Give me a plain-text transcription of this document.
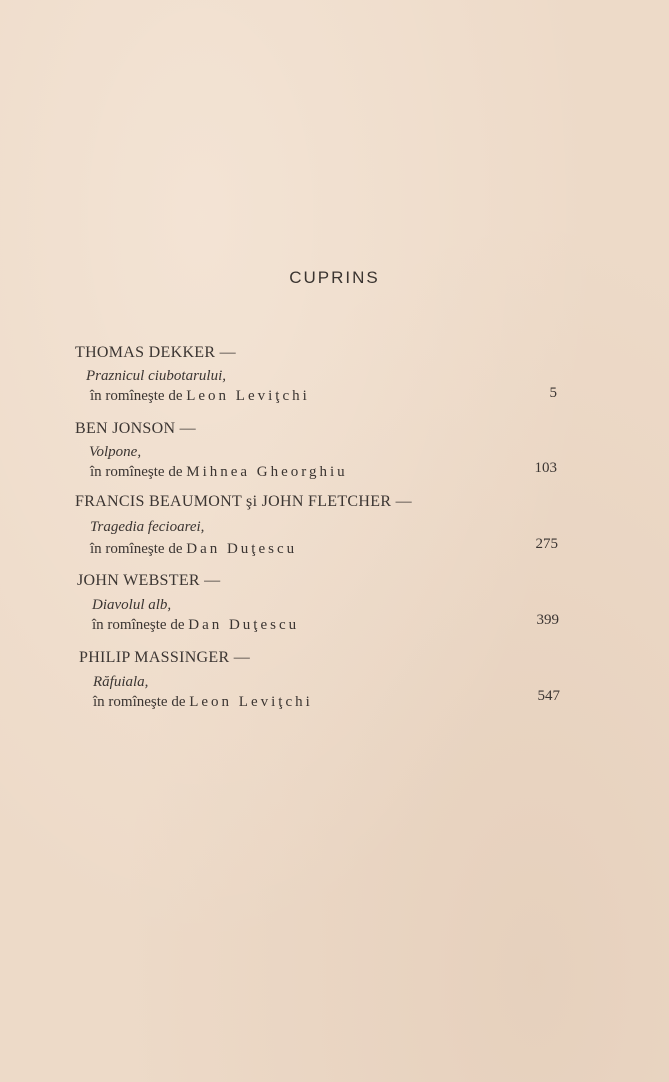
CUPRINS
THOMAS DEKKER —
Praznicul ciubotarului,
în romîneşte de Leon Leviţchi	5
BEN JONSON —
Volpone,
în romîneşte de Mihnea Gheorghiu	103
FRANCIS BEAUMONT şi JOHN FLETCHER —
Tragedia fecioarei,
în romîneşte de Dan Duţescu	275
JOHN WEBSTER —
Diavolul alb,
în romîneşte de Dan Duţescu	399
PHILIP MASSINGER —
Răfuiala,
în romîneşte de Leon Leviţchi	547
